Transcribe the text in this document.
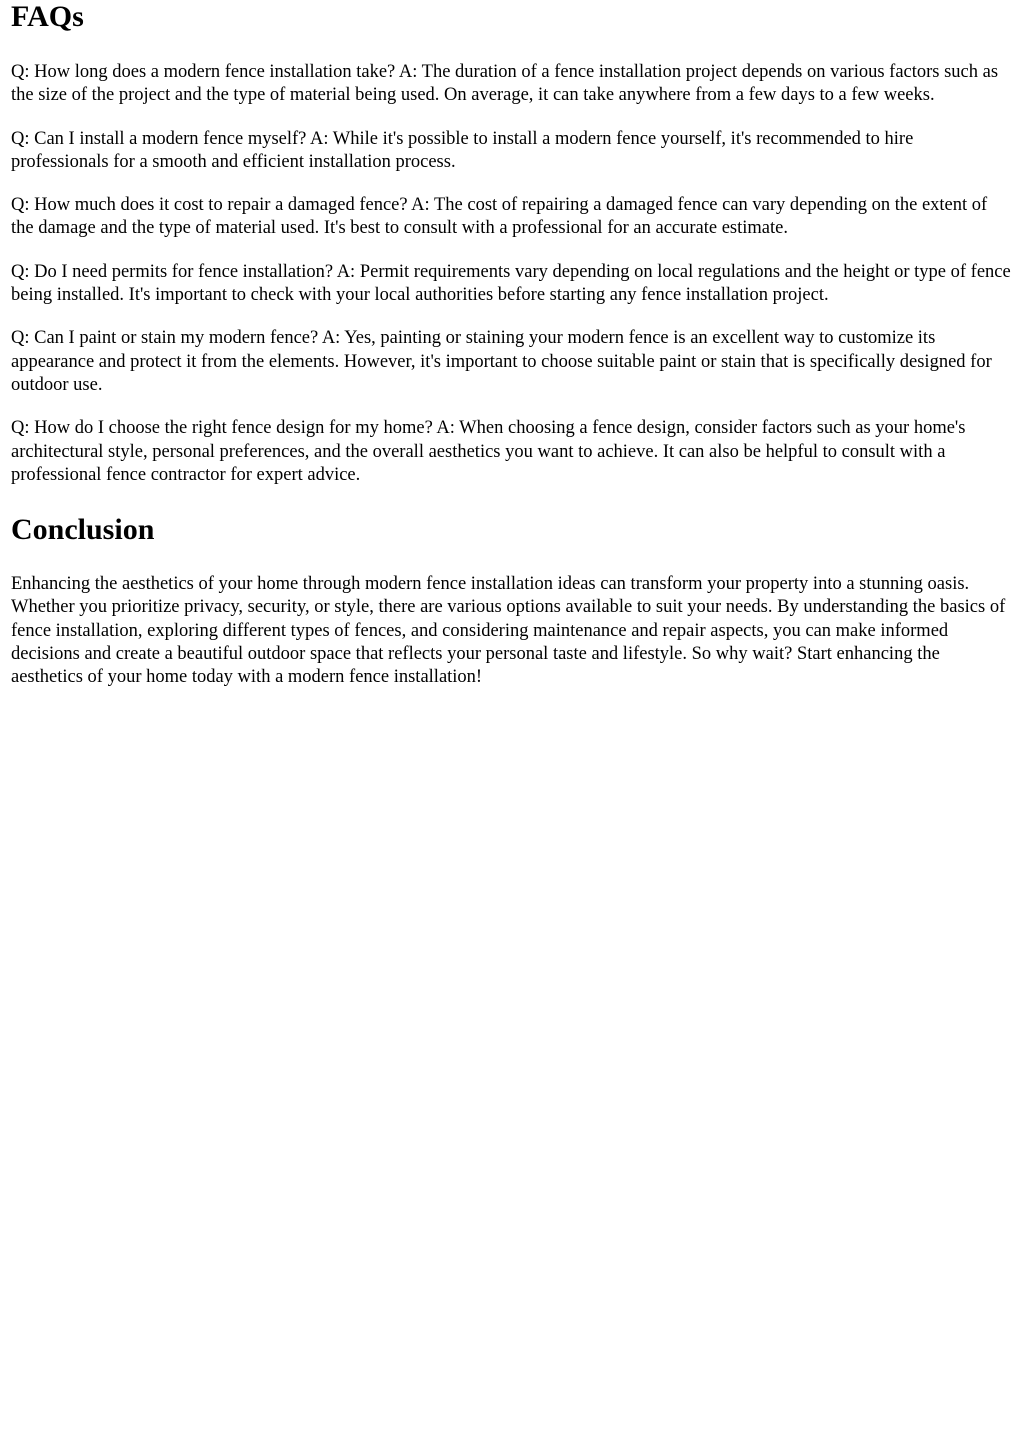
FAQs

Q: How long does a modern fence installation take? A: The duration of a fence installation project depends on various factors such as the size of the project and the type of material being used. On average, it can take anywhere from a few days to a few weeks.

Q: Can I install a modern fence myself? A: While it's possible to install a modern fence yourself, it's recommended to hire professionals for a smooth and efficient installation process.

Q: How much does it cost to repair a damaged fence? A: The cost of repairing a damaged fence can vary depending on the extent of the damage and the type of material used. It's best to consult with a professional for an accurate estimate.

Q: Do I need permits for fence installation? A: Permit requirements vary depending on local regulations and the height or type of fence being installed. It's important to check with your local authorities before starting any fence installation project.

Q: Can I paint or stain my modern fence? A: Yes, painting or staining your modern fence is an excellent way to customize its appearance and protect it from the elements. However, it's important to choose suitable paint or stain that is specifically designed for outdoor use.

Q: How do I choose the right fence design for my home? A: When choosing a fence design, consider factors such as your home's architectural style, personal preferences, and the overall aesthetics you want to achieve. It can also be helpful to consult with a professional fence contractor for expert advice.

Conclusion

Enhancing the aesthetics of your home through modern fence installation ideas can transform your property into a stunning oasis. Whether you prioritize privacy, security, or style, there are various options available to suit your needs. By understanding the basics of fence installation, exploring different types of fences, and considering maintenance and repair aspects, you can make informed decisions and create a beautiful outdoor space that reflects your personal taste and lifestyle. So why wait? Start enhancing the aesthetics of your home today with a modern fence installation!
